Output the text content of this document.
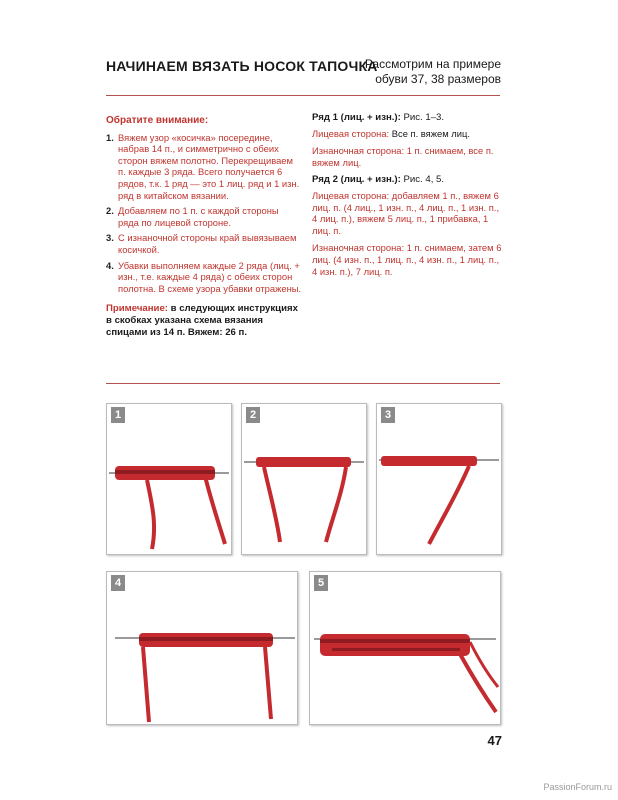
НАЧИНАЕМ ВЯЗАТЬ НОСОК ТАПОЧКА
Рассмотрим на примере
обуви 37, 38 размеров
Обратите внимание:
1. Вяжем узор «косичка» посередине, набрав 14 п., и симметрично с обеих сторон вяжем полотно. Перекрещиваем п. каждые 3 ряда. Всего получается 6 рядов, т.к. 1 ряд — это 1 лиц. ряд и 1 изн. ряд в китайском вязании.
2. Добавляем по 1 п. с каждой стороны ряда по лицевой стороне.
3. С изнаночной стороны край вывязываем косичкой.
4. Убавки выполняем каждые 2 ряда (лиц. + изн., т.е. каждые 4 ряда) с обеих сторон полотна. В схеме узора убавки отражены.
Примечание: в следующих инструкциях в скобках указана схема вязания спицами из 14 п. Вяжем: 26 п.
Ряд 1 (лиц. + изн.): Рис. 1–3.
Лицевая сторона: Все п. вяжем лиц.
Изнаночная сторона: 1 п. снимаем, все п. вяжем лиц.
Ряд 2 (лиц. + изн.): Рис. 4, 5.
Лицевая сторона: добавляем 1 п., вяжем 6 лиц. п. (4 лиц., 1 изн. п., 4 лиц. п., 1 изн. п., 4 лиц. п.), вяжем 5 лиц. п., 1 прибавка, 1 лиц. п.
Изнаночная сторона: 1 п. снимаем, затем 6 лиц. (4 изн. п., 1 лиц. п., 4 изн. п., 1 лиц. п., 4 изн. п.), 7 лиц. п.
1	2	3
4	5
47
PassionForum.ru
